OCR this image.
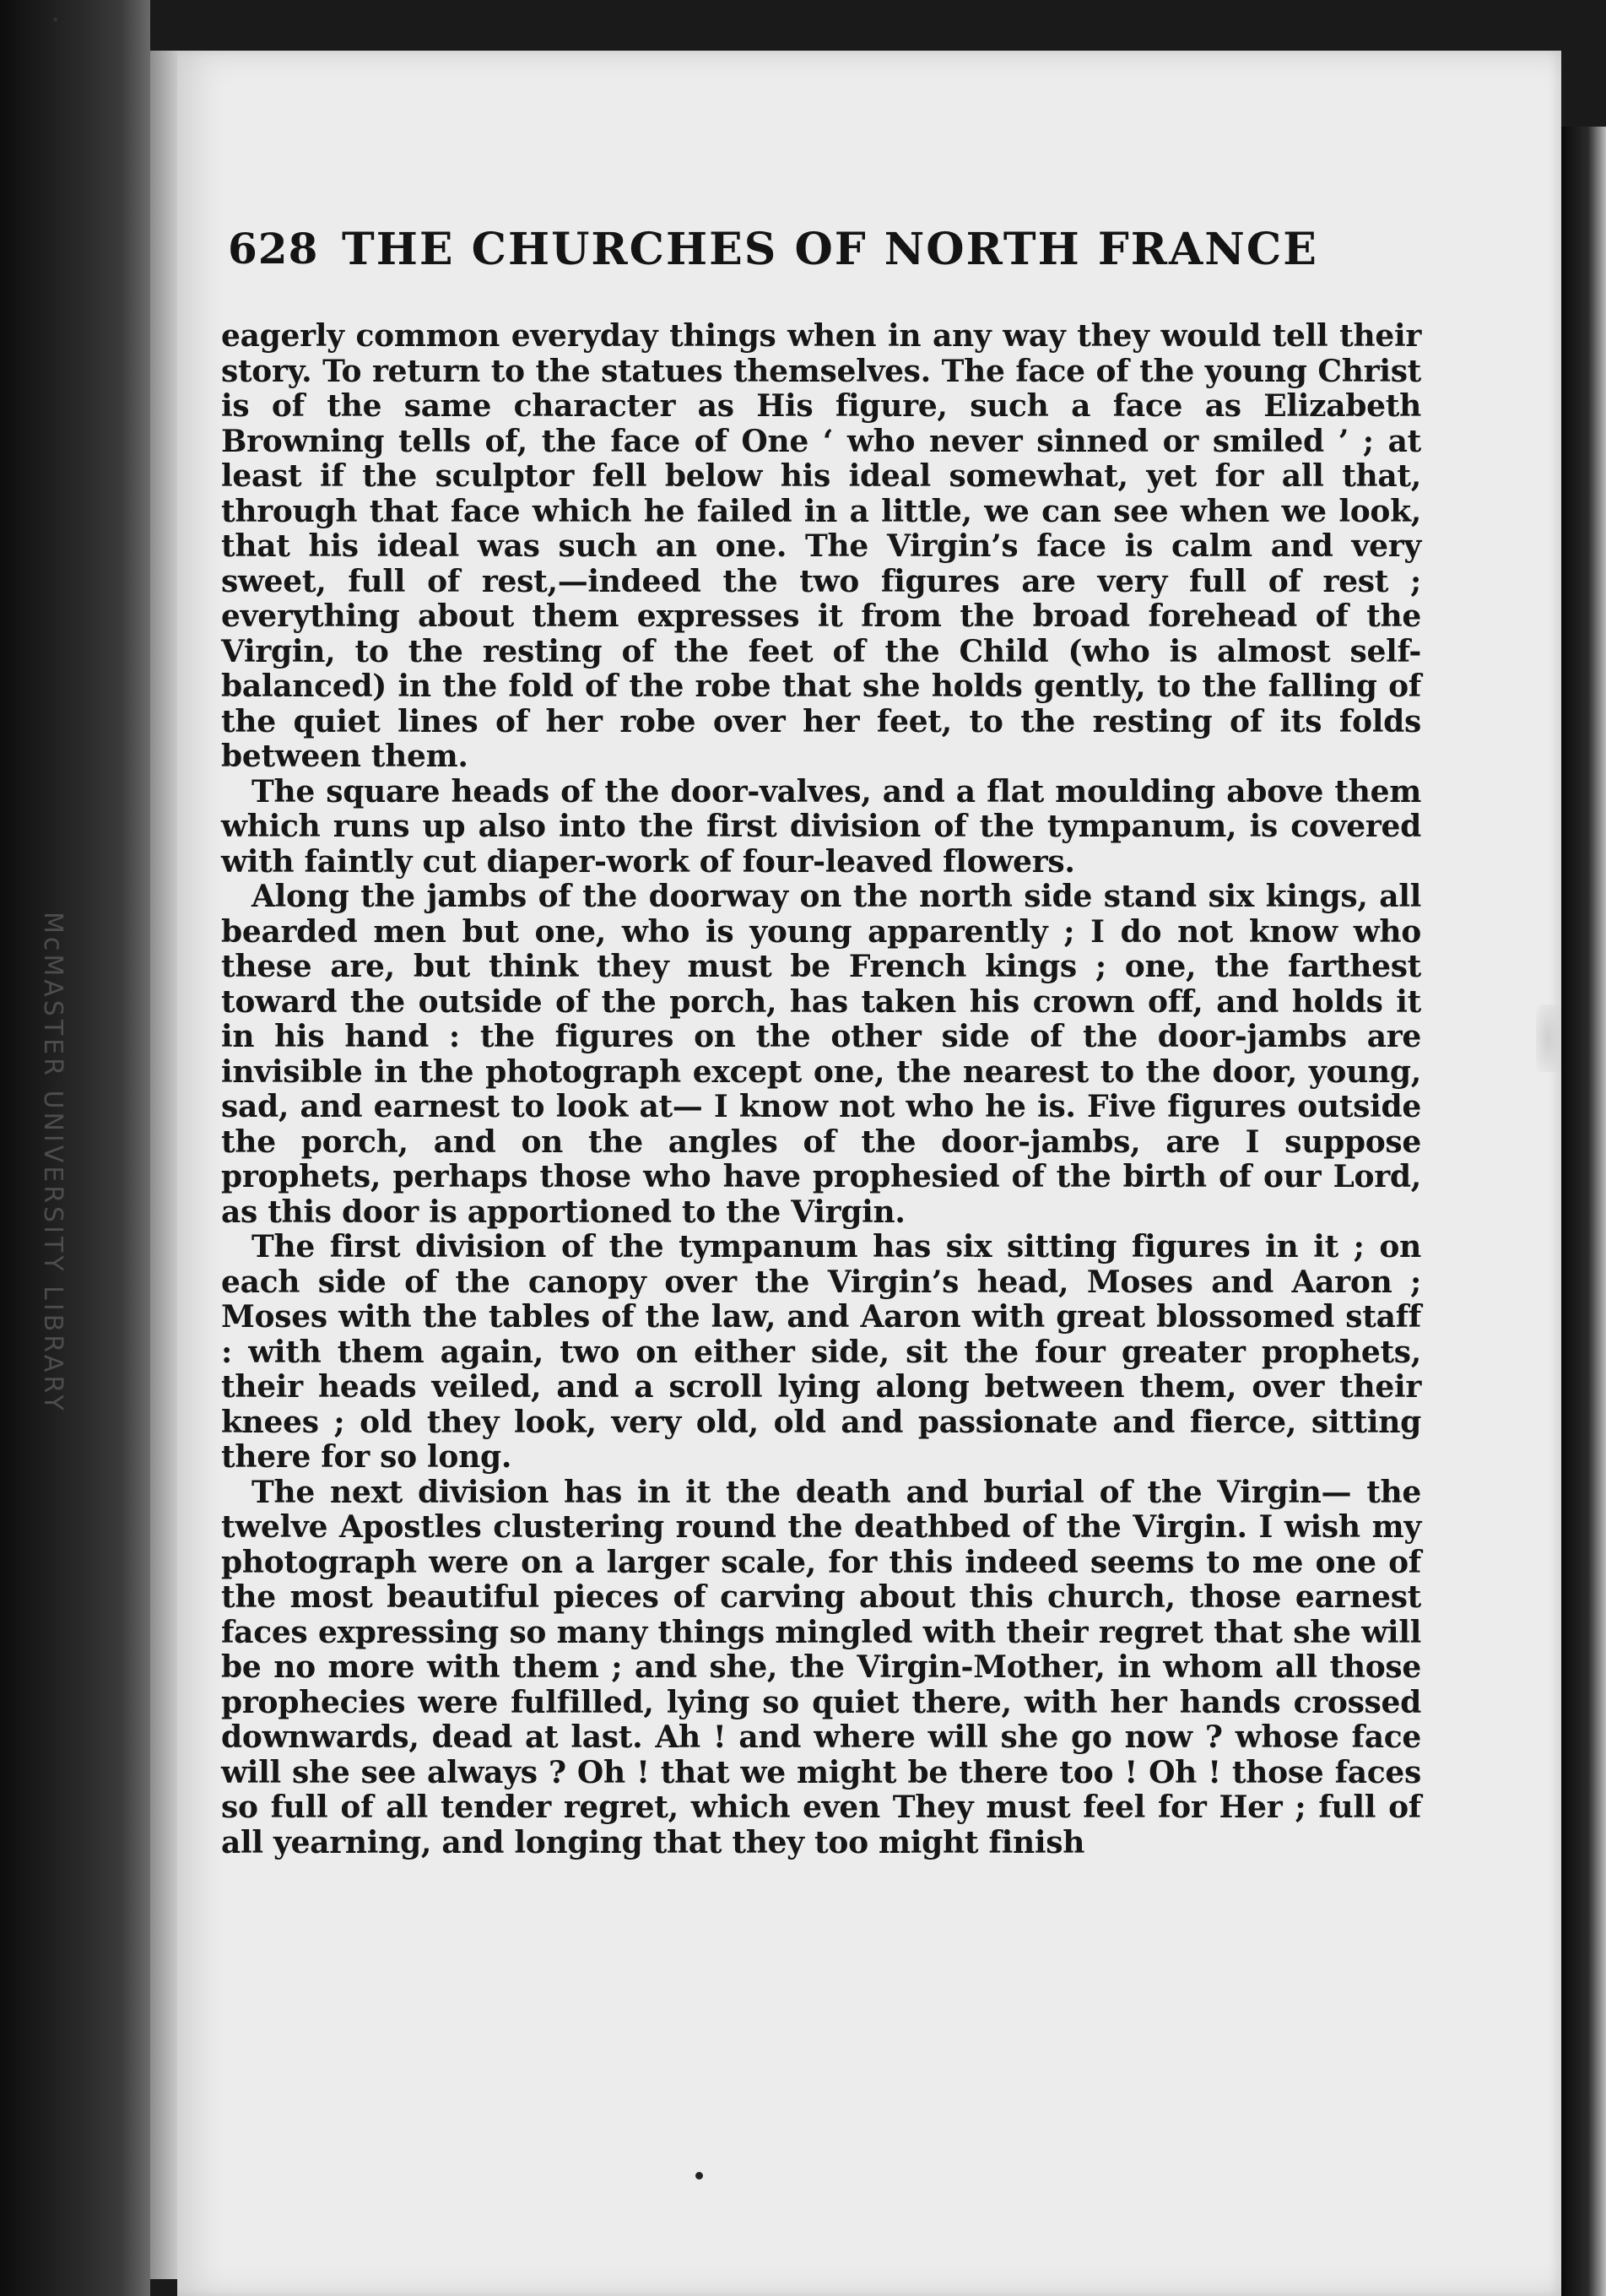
·
McMASTER UNIVERSITY LIBRARY
628 THE CHURCHES OF NORTH FRANCE

eagerly common everyday things when in any way they would tell their story. To return to the statues themselves. The face of the young Christ is of the same character as His figure, such a face as Elizabeth Browning tells of, the face of One ‘ who never sinned or smiled ’ ; at least if the sculptor fell below his ideal somewhat, yet for all that, through that face which he failed in a little, we can see when we look, that his ideal was such an one. The Virgin’s face is calm and very sweet, full of rest,—indeed the two figures are very full of rest ; everything about them expresses it from the broad forehead of the Virgin, to the resting of the feet of the Child (who is almost self-balanced) in the fold of the robe that she holds gently, to the falling of the quiet lines of her robe over her feet, to the resting of its folds between them.

The square heads of the door-valves, and a flat moulding above them which runs up also into the first division of the tympanum, is covered with faintly cut diaper-work of four-leaved flowers.

Along the jambs of the doorway on the north side stand six kings, all bearded men but one, who is young apparently ; I do not know who these are, but think they must be French kings ; one, the farthest toward the outside of the porch, has taken his crown off, and holds it in his hand : the figures on the other side of the door-jambs are invisible in the photograph except one, the nearest to the door, young, sad, and earnest to look at— I know not who he is. Five figures outside the porch, and on the angles of the door-jambs, are I suppose prophets, perhaps those who have prophesied of the birth of our Lord, as this door is apportioned to the Virgin.

The first division of the tympanum has six sitting figures in it ; on each side of the canopy over the Virgin’s head, Moses and Aaron ; Moses with the tables of the law, and Aaron with great blossomed staff : with them again, two on either side, sit the four greater prophets, their heads veiled, and a scroll lying along between them, over their knees ; old they look, very old, old and passionate and fierce, sitting there for so long.

The next division has in it the death and burial of the Virgin— the twelve Apostles clustering round the deathbed of the Virgin. I wish my photograph were on a larger scale, for this indeed seems to me one of the most beautiful pieces of carving about this church, those earnest faces expressing so many things mingled with their regret that she will be no more with them ; and she, the Virgin-Mother, in whom all those prophecies were fulfilled, lying so quiet there, with her hands crossed downwards, dead at last. Ah ! and where will she go now ? whose face will she see always ? Oh ! that we might be there too ! Oh ! those faces so full of all tender regret, which even They must feel for Her ; full of all yearning, and longing that they too might finish
